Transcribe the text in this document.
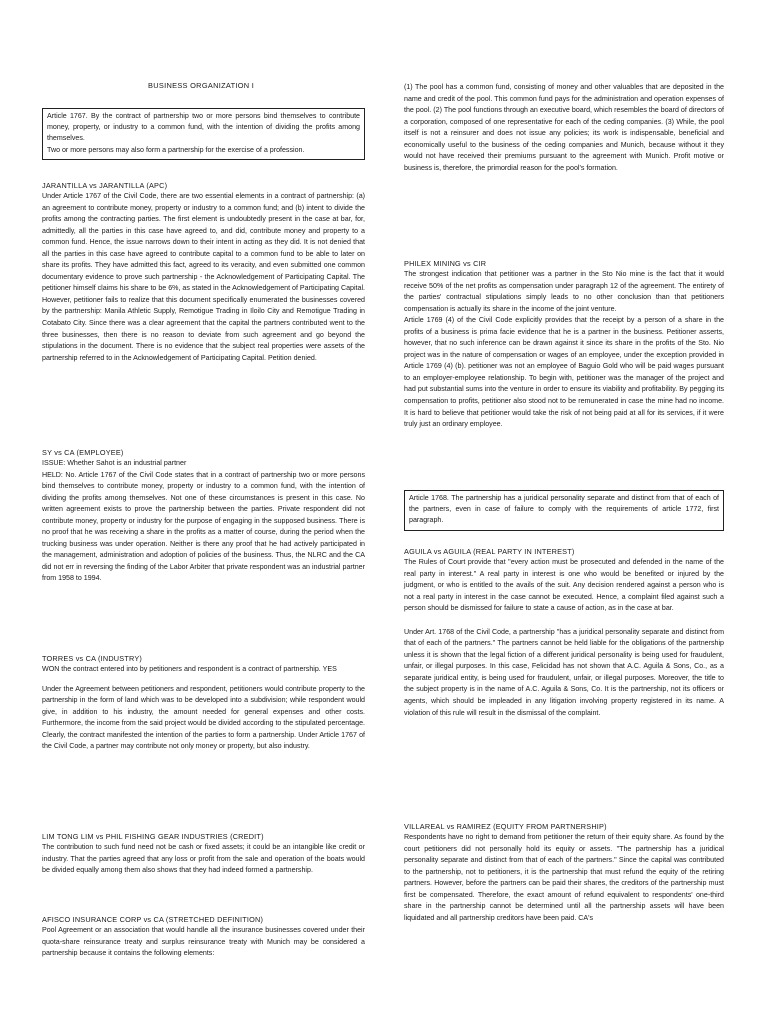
BUSINESS ORGANIZATION I

Article 1767. By the contract of partnership two or more persons bind themselves to contribute money, property, or industry to a common fund, with the intention of dividing the profits among themselves.

Two or more persons may also form a partnership for the exercise of a profession.

JARANTILLA vs JARANTILLA (APC)

Under Article 1767 of the Civil Code, there are two essential elements in a contract of partnership: (a) an agreement to contribute money, property or industry to a common fund; and (b) intent to divide the profits among the contracting parties. The first element is undoubtedly present in the case at bar, for, admittedly, all the parties in this case have agreed to, and did, contribute money and property to a common fund. Hence, the issue narrows down to their intent in acting as they did. It is not denied that all the parties in this case have agreed to contribute capital to a common fund to be able to later on share its profits. They have admitted this fact, agreed to its veracity, and even submitted one common documentary evidence to prove such partnership - the Acknowledgement of Participating Capital. The petitioner himself claims his share to be 6%, as stated in the Acknowledgement of Participating Capital. However, petitioner fails to realize that this document specifically enumerated the businesses covered by the partnership: Manila Athletic Supply, Remotigue Trading in Iloilo City and Remotigue Trading in Cotabato City. Since there was a clear agreement that the capital the partners contributed went to the three businesses, then there is no reason to deviate from such agreement and go beyond the stipulations in the document. There is no evidence that the subject real properties were assets of the partnership referred to in the Acknowledgement of Participating Capital. Petition denied.

SY vs CA (EMPLOYEE)

ISSUE: Whether Sahot is an industrial partner

HELD: No. Article 1767 of the Civil Code states that in a contract of partnership two or more persons bind themselves to contribute money, property or industry to a common fund, with the intention of dividing the profits among themselves. Not one of these circumstances is present in this case. No written agreement exists to prove the partnership between the parties. Private respondent did not contribute money, property or industry for the purpose of engaging in the supposed business. There is no proof that he was receiving a share in the profits as a matter of course, during the period when the trucking business was under operation. Neither is there any proof that he had actively participated in the management, administration and adoption of policies of the business. Thus, the NLRC and the CA did not err in reversing the finding of the Labor Arbiter that private respondent was an industrial partner from 1958 to 1994.

TORRES vs CA (INDUSTRY)

WON the contract entered into by petitioners and respondent is a contract of partnership. YES

Under the Agreement between petitioners and respondent, petitioners would contribute property to the partnership in the form of land which was to be developed into a subdivision; while respondent would give, in addition to his industry, the amount needed for general expenses and other costs. Furthermore, the income from the said project would be divided according to the stipulated percentage. Clearly, the contract manifested the intention of the parties to form a partnership. Under Article 1767 of the Civil Code, a partner may contribute not only money or property, but also industry.

LIM TONG LIM vs PHIL FISHING GEAR INDUSTRIES (CREDIT)

The contribution to such fund need not be cash or fixed assets; it could be an intangible like credit or industry. That the parties agreed that any loss or profit from the sale and operation of the boats would be divided equally among them also shows that they had indeed formed a partnership.

AFISCO INSURANCE CORP vs CA (STRETCHED DEFINITION)

Pool Agreement or an association that would handle all the insurance businesses covered under their quota-share reinsurance treaty and surplus reinsurance treaty with Munich may be considered a partnership because it contains the following elements:

(1) The pool has a common fund, consisting of money and other valuables that are deposited in the name and credit of the pool. This common fund pays for the administration and operation expenses of the pool. (2) The pool functions through an executive board, which resembles the board of directors of a corporation, composed of one representative for each of the ceding companies. (3) While, the pool itself is not a reinsurer and does not issue any policies; its work is indispensable, beneficial and economically useful to the business of the ceding companies and Munich, because without it they would not have received their premiums pursuant to the agreement with Munich. Profit motive or business is, therefore, the primordial reason for the pool's formation.

PHILEX MINING vs CIR

The strongest indication that petitioner was a partner in the Sto Nio mine is the fact that it would receive 50% of the net profits as compensation under paragraph 12 of the agreement. The entirety of the parties' contractual stipulations simply leads to no other conclusion than that petitioners compensation is actually its share in the income of the joint venture.

Article 1769 (4) of the Civil Code explicitly provides that the receipt by a person of a share in the profits of a business is prima facie evidence that he is a partner in the business. Petitioner asserts, however, that no such inference can be drawn against it since its share in the profits of the Sto. Nio project was in the nature of compensation or wages of an employee, under the exception provided in Article 1769 (4) (b). petitioner was not an employee of Baguio Gold who will be paid wages pursuant to an employer-employee relationship. To begin with, petitioner was the manager of the project and had put substantial sums into the venture in order to ensure its viability and profitability. By pegging its compensation to profits, petitioner also stood not to be remunerated in case the mine had no income. It is hard to believe that petitioner would take the risk of not being paid at all for its services, if it were truly just an ordinary employee.

Article 1768. The partnership has a juridical personality separate and distinct from that of each of the partners, even in case of failure to comply with the requirements of article 1772, first paragraph.

AGUILA vs AGUILA (REAL PARTY IN INTEREST)

The Rules of Court provide that "every action must be prosecuted and defended in the name of the real party in interest." A real party in interest is one who would be benefited or injured by the judgment, or who is entitled to the avails of the suit. Any decision rendered against a person who is not a real party in interest in the case cannot be executed. Hence, a complaint filed against such a person should be dismissed for failure to state a cause of action, as in the case at bar.

Under Art. 1768 of the Civil Code, a partnership "has a juridical personality separate and distinct from that of each of the partners." The partners cannot be held liable for the obligations of the partnership unless it is shown that the legal fiction of a different juridical personality is being used for fraudulent, unfair, or illegal purposes. In this case, Felicidad has not shown that A.C. Aguila & Sons, Co., as a separate juridical entity, is being used for fraudulent, unfair, or illegal purposes. Moreover, the title to the subject property is in the name of A.C. Aguila & Sons, Co. It is the partnership, not its officers or agents, which should be impleaded in any litigation involving property registered in its name. A violation of this rule will result in the dismissal of the complaint.

VILLAREAL vs RAMIREZ (EQUITY FROM PARTNERSHIP)

Respondents have no right to demand from petitioner the return of their equity share. As found by the court petitioners did not personally hold its equity or assets. "The partnership has a juridical personality separate and distinct from that of each of the partners." Since the capital was contributed to the partnership, not to petitioners, it is the partnership that must refund the equity of the retiring partners. However, before the partners can be paid their shares, the creditors of the partnership must first be compensated. Therefore, the exact amount of refund equivalent to respondents' one-third share in the partnership cannot be determined until all the partnership assets will have been liquidated and all partnership creditors have been paid. CA's
